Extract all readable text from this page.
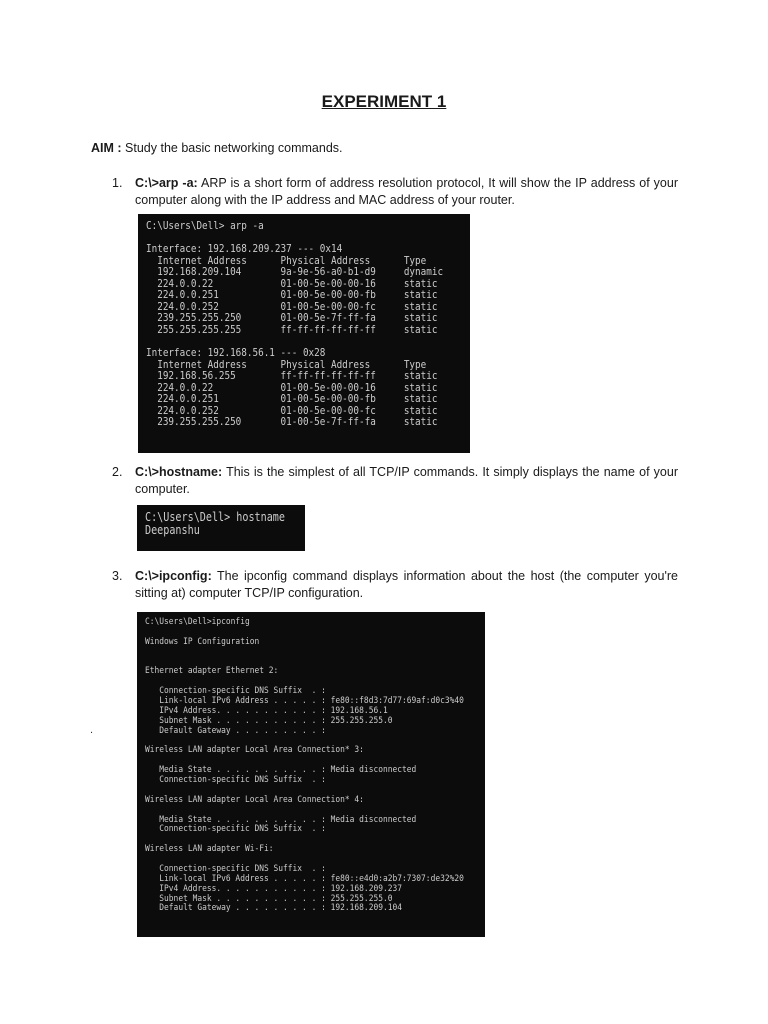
EXPERIMENT 1

AIM : Study the basic networking commands.

1. C:\>arp -a: ARP is a short form of address resolution protocol, It will show the IP address of your computer along with the IP address and MAC address of your router.
C:\Users\Dell> arp -a

Interface: 192.168.209.237 --- 0x14
Internet Address      Physical Address      Type
192.168.209.104       9a-9e-56-a0-b1-d9     dynamic
224.0.0.22            01-00-5e-00-00-16     static
224.0.0.251           01-00-5e-00-00-fb     static
224.0.0.252           01-00-5e-00-00-fc     static
239.255.255.250       01-00-5e-7f-ff-fa     static
255.255.255.255       ff-ff-ff-ff-ff-ff     static

Interface: 192.168.56.1 --- 0x28
Internet Address      Physical Address      Type
192.168.56.255        ff-ff-ff-ff-ff-ff     static
224.0.0.22            01-00-5e-00-00-16     static
224.0.0.251           01-00-5e-00-00-fb     static
224.0.0.252           01-00-5e-00-00-fc     static
239.255.255.250       01-00-5e-7f-ff-fa     static
2. C:\>hostname: This is the simplest of all TCP/IP commands. It simply displays the name of your computer.
C:\Users\Dell> hostname
Deepanshu
3. C:\>ipconfig: The ipconfig command displays information about the host (the computer you're sitting at) computer TCP/IP configuration.
C:\Users\Dell>ipconfig

Windows IP Configuration

Ethernet adapter Ethernet 2:

Connection-specific DNS Suffix  . :
Link-local IPv6 Address . . . . . : fe80::f8d3:7d77:69af:d0c3%40
IPv4 Address. . . . . . . . . . . : 192.168.56.1
Subnet Mask . . . . . . . . . . . : 255.255.255.0
Default Gateway . . . . . . . . . :

Wireless LAN adapter Local Area Connection* 3:

Media State . . . . . . . . . . . : Media disconnected
Connection-specific DNS Suffix  . :

Wireless LAN adapter Local Area Connection* 4:

Media State . . . . . . . . . . . : Media disconnected
Connection-specific DNS Suffix  . :

Wireless LAN adapter Wi-Fi:

Connection-specific DNS Suffix  . :
Link-local IPv6 Address . . . . . : fe80::e4d0:a2b7:7307:de32%20
IPv4 Address. . . . . . . . . . . : 192.168.209.237
Subnet Mask . . . . . . . . . . . : 255.255.255.0
Default Gateway . . . . . . . . . : 192.168.209.104
.
